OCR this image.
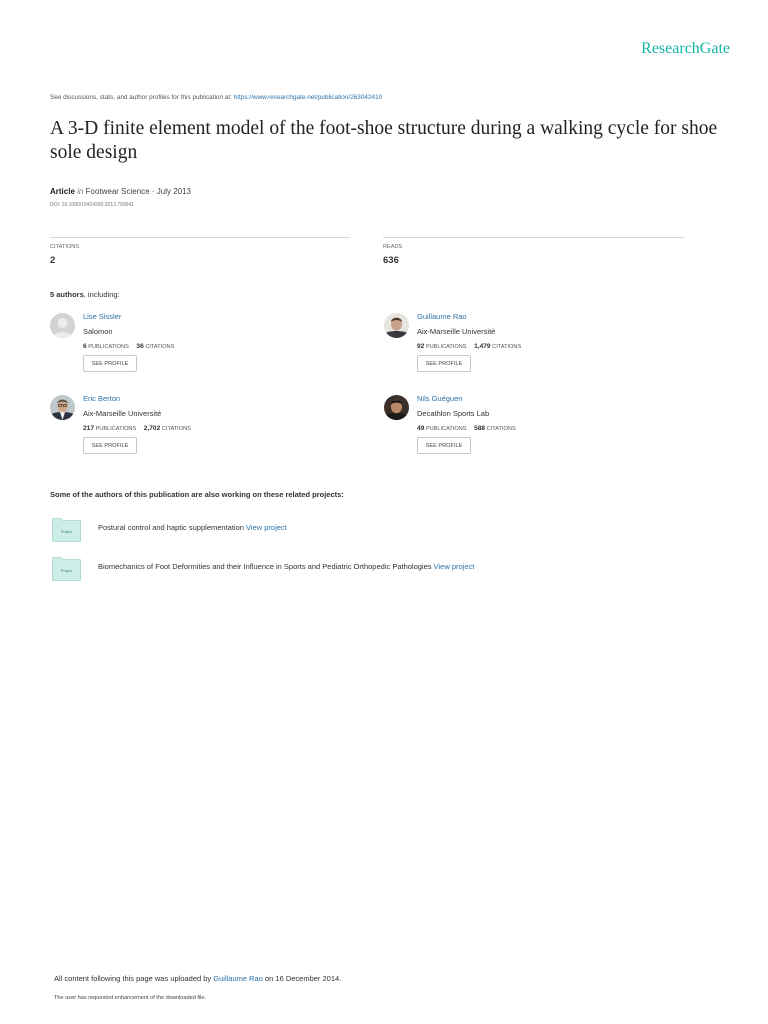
ResearchGate
See discussions, stats, and author profiles for this publication at: https://www.researchgate.net/publication/263042410
A 3-D finite element model of the foot-shoe structure during a walking cycle for shoe sole design
Article in Footwear Science · July 2013
DOI: 10.1080/19424280.2013.799541
CITATIONS
2
READS
636
5 authors, including:
Lise Sissler
Salomon
6 PUBLICATIONS 36 CITATIONS
SEE PROFILE
Guillaume Rao
Aix-Marseille Université
92 PUBLICATIONS 1,479 CITATIONS
SEE PROFILE
Eric Berton
Aix-Marseille Université
217 PUBLICATIONS 2,702 CITATIONS
SEE PROFILE
Nils Guéguen
Decathlon Sports Lab
49 PUBLICATIONS 588 CITATIONS
SEE PROFILE
Some of the authors of this publication are also working on these related projects:
Project	Postural control and haptic supplementation View project
Project	Biomechanics of Foot Deformities and their Influence in Sports and Pediatric Orthopedic Pathologies View project
All content following this page was uploaded by Guillaume Rao on 16 December 2014.
The user has requested enhancement of the downloaded file.
